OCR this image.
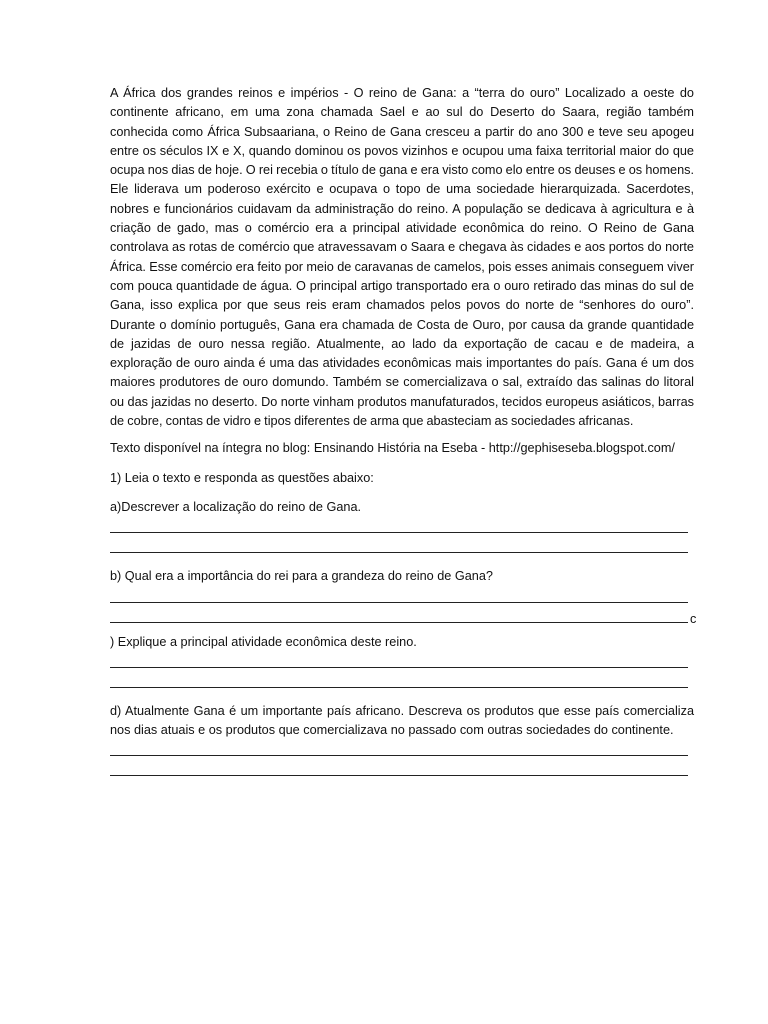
A África dos grandes reinos e impérios - O reino de Gana: a “terra do ouro” Localizado a oeste do continente africano, em uma zona chamada Sael e ao sul do Deserto do Saara, região também conhecida como África Subsaariana, o Reino de Gana cresceu a partir do ano 300 e teve seu apogeu entre os séculos IX e X, quando dominou os povos vizinhos e ocupou uma faixa territorial maior do que ocupa nos dias de hoje. O rei recebia o título de gana e era visto como elo entre os deuses e os homens. Ele liderava um poderoso exército e ocupava o topo de uma sociedade hierarquizada. Sacerdotes, nobres e funcionários cuidavam da administração do reino. A população se dedicava à agricultura e à criação de gado, mas o comércio era a principal atividade econômica do reino. O Reino de Gana controlava as rotas de comércio que atravessavam o Saara e chegava às cidades e aos portos do norte África. Esse comércio era feito por meio de caravanas de camelos, pois esses animais conseguem viver com pouca quantidade de água. O principal artigo transportado era o ouro retirado das minas do sul de Gana, isso explica por que seus reis eram chamados pelos povos do norte de “senhores do ouro”. Durante o domínio português, Gana era chamada de Costa de Ouro, por causa da grande quantidade de jazidas de ouro nessa região. Atualmente, ao lado da exportação de cacau e de madeira, a exploração de ouro ainda é uma das atividades econômicas mais importantes do país. Gana é um dos maiores produtores de ouro domundo. Também se comercializava o sal, extraído das salinas do litoral ou das jazidas no deserto. Do norte vinham produtos manufaturados, tecidos europeus asiáticos, barras de cobre, contas de vidro e tipos diferentes de arma que abasteciam as sociedades africanas.

Texto disponível na íntegra no blog: Ensinando História na Eseba - http://gephiseseba.blogspot.com/

1) Leia o texto e responda as questões abaixo:

a)Descrever a localização do reino de Gana.

b) Qual era a importância do rei para a grandeza do reino de Gana?

c

) Explique a principal atividade econômica deste reino.

d) Atualmente Gana é um importante país africano. Descreva os produtos que esse país comercializa nos dias atuais e os produtos que comercializava no passado com outras sociedades do continente.
